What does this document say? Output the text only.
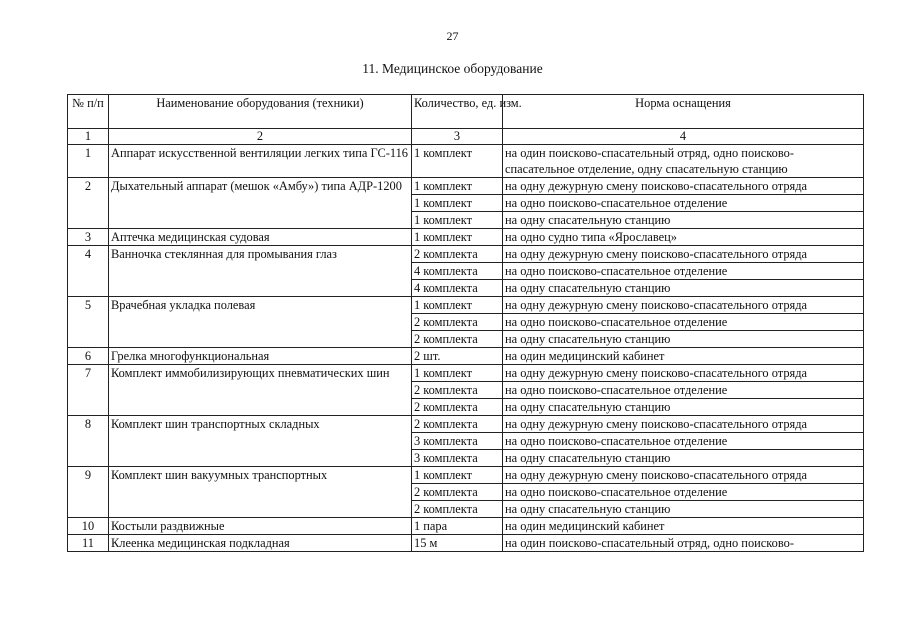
27
11. Медицинское оборудование
№ п/п	Наименование оборудования (техники)	Количество, ед. изм.	Норма оснащения
1	2	3	4
1	Аппарат искусственной вентиляции легких типа ГС-116	1 комплект	на один поисково-спасательный отряд, одно поисково-спасательное отделение, одну спасательную станцию
2	Дыхательный аппарат (мешок «Амбу») типа АДР-1200	1 комплект	на одну дежурную смену поисково-спасательного отряда
		1 комплект	на одно поисково-спасательное отделение
		1 комплект	на одну спасательную станцию
3	Аптечка медицинская судовая	1 комплект	на одно судно типа «Ярославец»
4	Ванночка стеклянная для промывания глаз	2 комплекта	на одну дежурную смену поисково-спасательного отряда
		4 комплекта	на одно поисково-спасательное отделение
		4 комплекта	на одну спасательную станцию
5	Врачебная укладка полевая	1 комплект	на одну дежурную смену поисково-спасательного отряда
		2 комплекта	на одно поисково-спасательное отделение
		2 комплекта	на одну спасательную станцию
6	Грелка многофункциональная	2 шт.	на один медицинский кабинет
7	Комплект иммобилизирующих пневматических шин	1 комплект	на одну дежурную смену поисково-спасательного отряда
		2 комплекта	на одно поисково-спасательное отделение
		2 комплекта	на одну спасательную станцию
8	Комплект шин транспортных складных	2 комплекта	на одну дежурную смену поисково-спасательного отряда
		3 комплекта	на одно поисково-спасательное отделение
		3 комплекта	на одну спасательную станцию
9	Комплект шин вакуумных транспортных	1 комплект	на одну дежурную смену поисково-спасательного отряда
		2 комплекта	на одно поисково-спасательное отделение
		2 комплекта	на одну спасательную станцию
10	Костыли раздвижные	1 пара	на один медицинский кабинет
11	Клеенка медицинская подкладная	15 м	на один поисково-спасательный отряд, одно поисково-
